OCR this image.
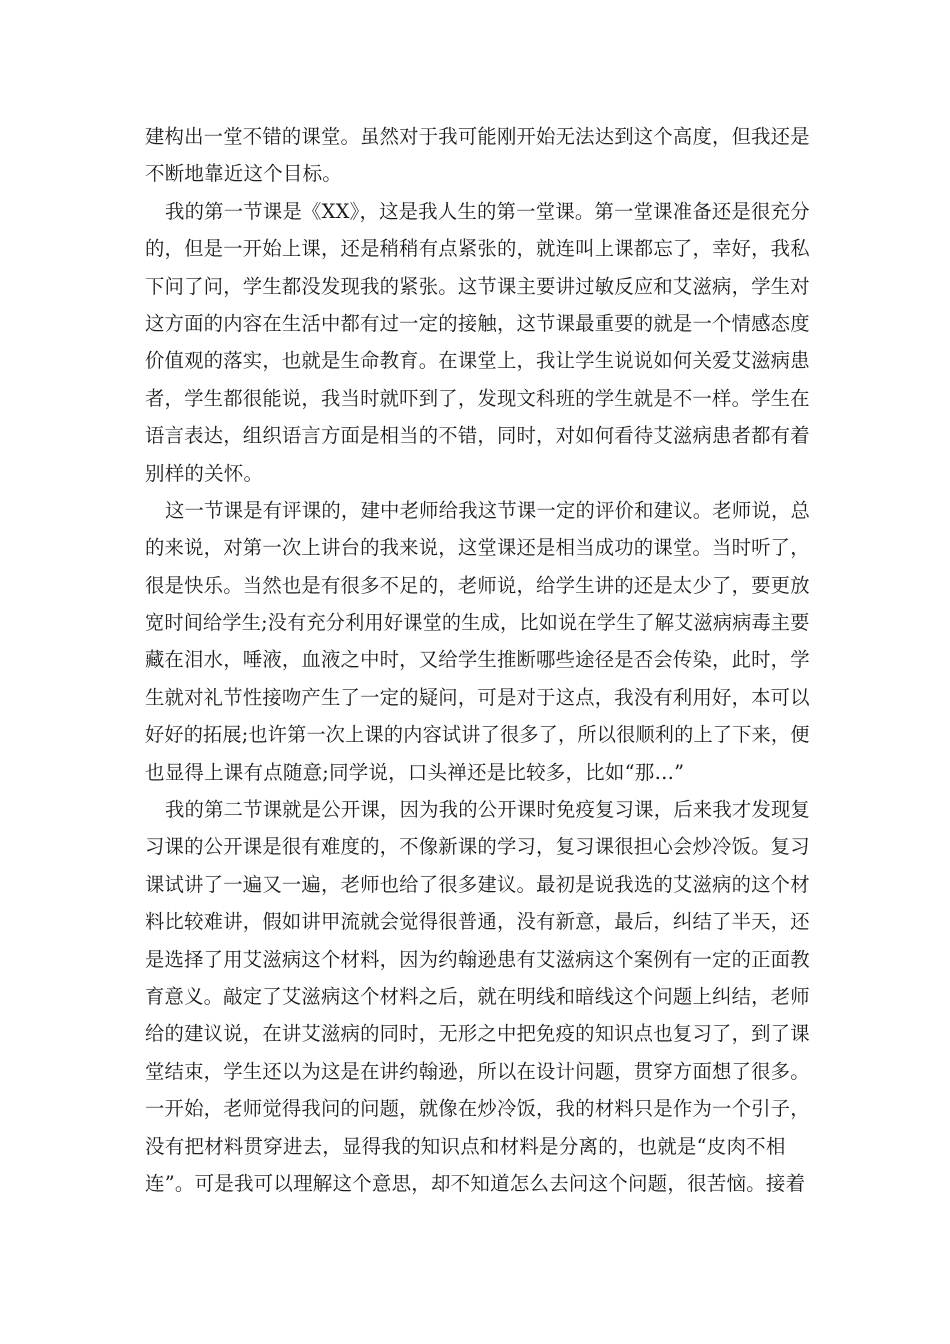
建构出一堂不错的课堂。虽然对于我可能刚开始无法达到这个高度，但我还是
不断地靠近这个目标。
我的第一节课是《XX》，这是我人生的第一堂课。第一堂课准备还是很充分
的，但是一开始上课，还是稍稍有点紧张的，就连叫上课都忘了，幸好，我私
下问了问，学生都没发现我的紧张。这节课主要讲过敏反应和艾滋病，学生对
这方面的内容在生活中都有过一定的接触，这节课最重要的就是一个情感态度
价值观的落实，也就是生命教育。在课堂上，我让学生说说如何关爱艾滋病患
者，学生都很能说，我当时就吓到了，发现文科班的学生就是不一样。学生在
语言表达，组织语言方面是相当的不错，同时，对如何看待艾滋病患者都有着
别样的关怀。
这一节课是有评课的，建中老师给我这节课一定的评价和建议。老师说，总
的来说，对第一次上讲台的我来说，这堂课还是相当成功的课堂。当时听了，
很是快乐。当然也是有很多不足的，老师说，给学生讲的还是太少了，要更放
宽时间给学生;没有充分利用好课堂的生成，比如说在学生了解艾滋病病毒主要
藏在泪水，唾液，血液之中时，又给学生推断哪些途径是否会传染，此时，学
生就对礼节性接吻产生了一定的疑问，可是对于这点，我没有利用好，本可以
好好的拓展;也许第一次上课的内容试讲了很多了，所以很顺利的上了下来，便
也显得上课有点随意;同学说，口头禅还是比较多，比如“那…”
我的第二节课就是公开课，因为我的公开课时免疫复习课，后来我才发现复
习课的公开课是很有难度的，不像新课的学习，复习课很担心会炒冷饭。复习
课试讲了一遍又一遍，老师也给了很多建议。最初是说我选的艾滋病的这个材
料比较难讲，假如讲甲流就会觉得很普通，没有新意，最后，纠结了半天，还
是选择了用艾滋病这个材料，因为约翰逊患有艾滋病这个案例有一定的正面教
育意义。敲定了艾滋病这个材料之后，就在明线和暗线这个问题上纠结，老师
给的建议说，在讲艾滋病的同时，无形之中把免疫的知识点也复习了，到了课
堂结束，学生还以为这是在讲约翰逊，所以在设计问题，贯穿方面想了很多。
一开始，老师觉得我问的问题，就像在炒冷饭，我的材料只是作为一个引子，
没有把材料贯穿进去，显得我的知识点和材料是分离的，也就是“皮肉不相
连”。可是我可以理解这个意思，却不知道怎么去问这个问题，很苦恼。接着
